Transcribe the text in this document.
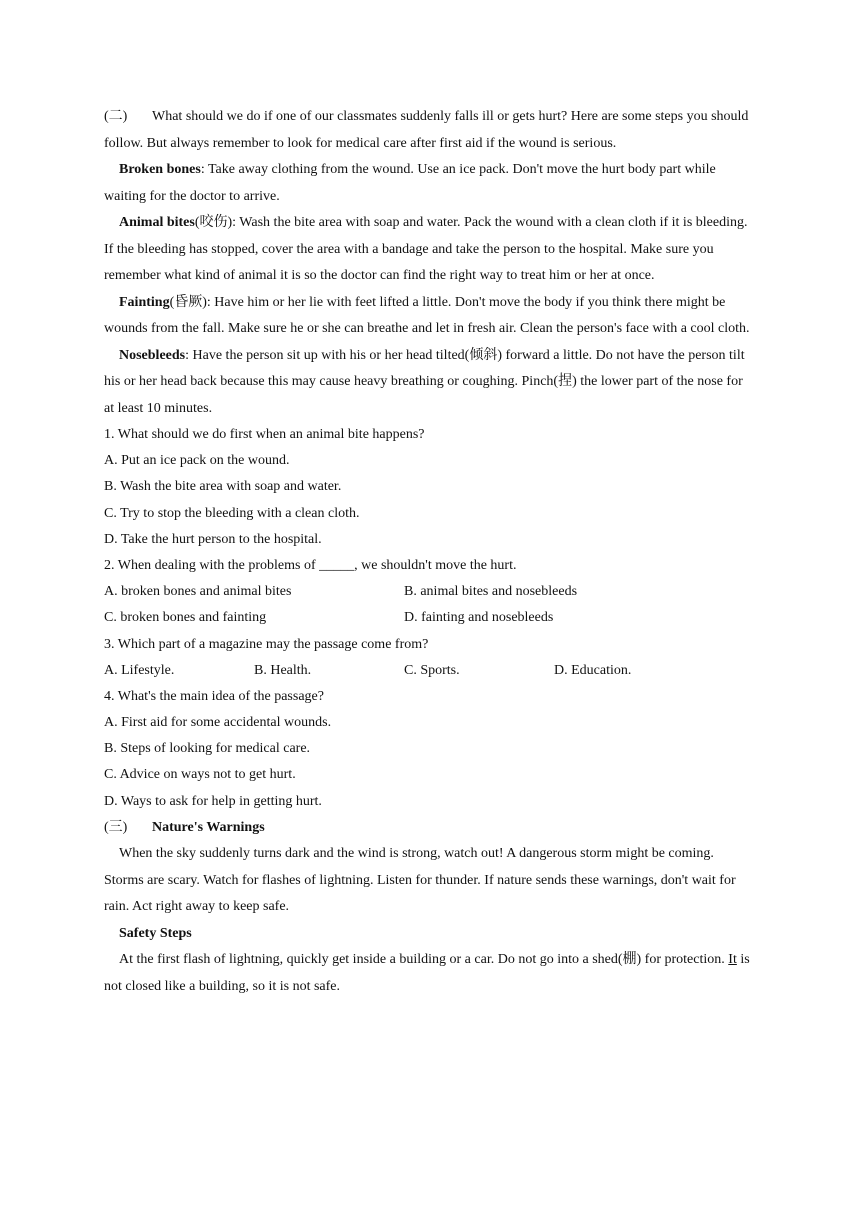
(二) What should we do if one of our classmates suddenly falls ill or gets hurt? Here are some steps you should follow. But always remember to look for medical care after first aid if the wound is serious.

Broken bones: Take away clothing from the wound. Use an ice pack. Don't move the hurt body part while waiting for the doctor to arrive.

Animal bites(咬伤): Wash the bite area with soap and water. Pack the wound with a clean cloth if it is bleeding. If the bleeding has stopped, cover the area with a bandage and take the person to the hospital. Make sure you remember what kind of animal it is so the doctor can find the right way to treat him or her at once.

Fainting(昏厥): Have him or her lie with feet lifted a little. Don't move the body if you think there might be wounds from the fall. Make sure he or she can breathe and let in fresh air. Clean the person's face with a cool cloth.

Nosebleeds: Have the person sit up with his or her head tilted(倾斜) forward a little. Do not have the person tilt his or her head back because this may cause heavy breathing or coughing. Pinch(捏) the lower part of the nose for at least 10 minutes.

1. What should we do first when an animal bite happens?

A. Put an ice pack on the wound.

B. Wash the bite area with soap and water.

C. Try to stop the bleeding with a clean cloth.

D. Take the hurt person to the hospital.

2. When dealing with the problems of _____, we shouldn't move the hurt.

A. broken bones and animal bites	B. animal bites and nosebleeds
C. broken bones and fainting	D. fainting and nosebleeds

3. Which part of a magazine may the passage come from?

A. Lifestyle.	B. Health.	C. Sports.	D. Education.

4. What's the main idea of the passage?

A. First aid for some accidental wounds.

B. Steps of looking for medical care.

C. Advice on ways not to get hurt.

D. Ways to ask for help in getting hurt.

(三) Nature's Warnings

When the sky suddenly turns dark and the wind is strong, watch out! A dangerous storm might be coming. Storms are scary. Watch for flashes of lightning. Listen for thunder. If nature sends these warnings, don't wait for rain. Act right away to keep safe.

Safety Steps

At the first flash of lightning, quickly get inside a building or a car. Do not go into a shed(棚) for protection. It is not closed like a building, so it is not safe.
